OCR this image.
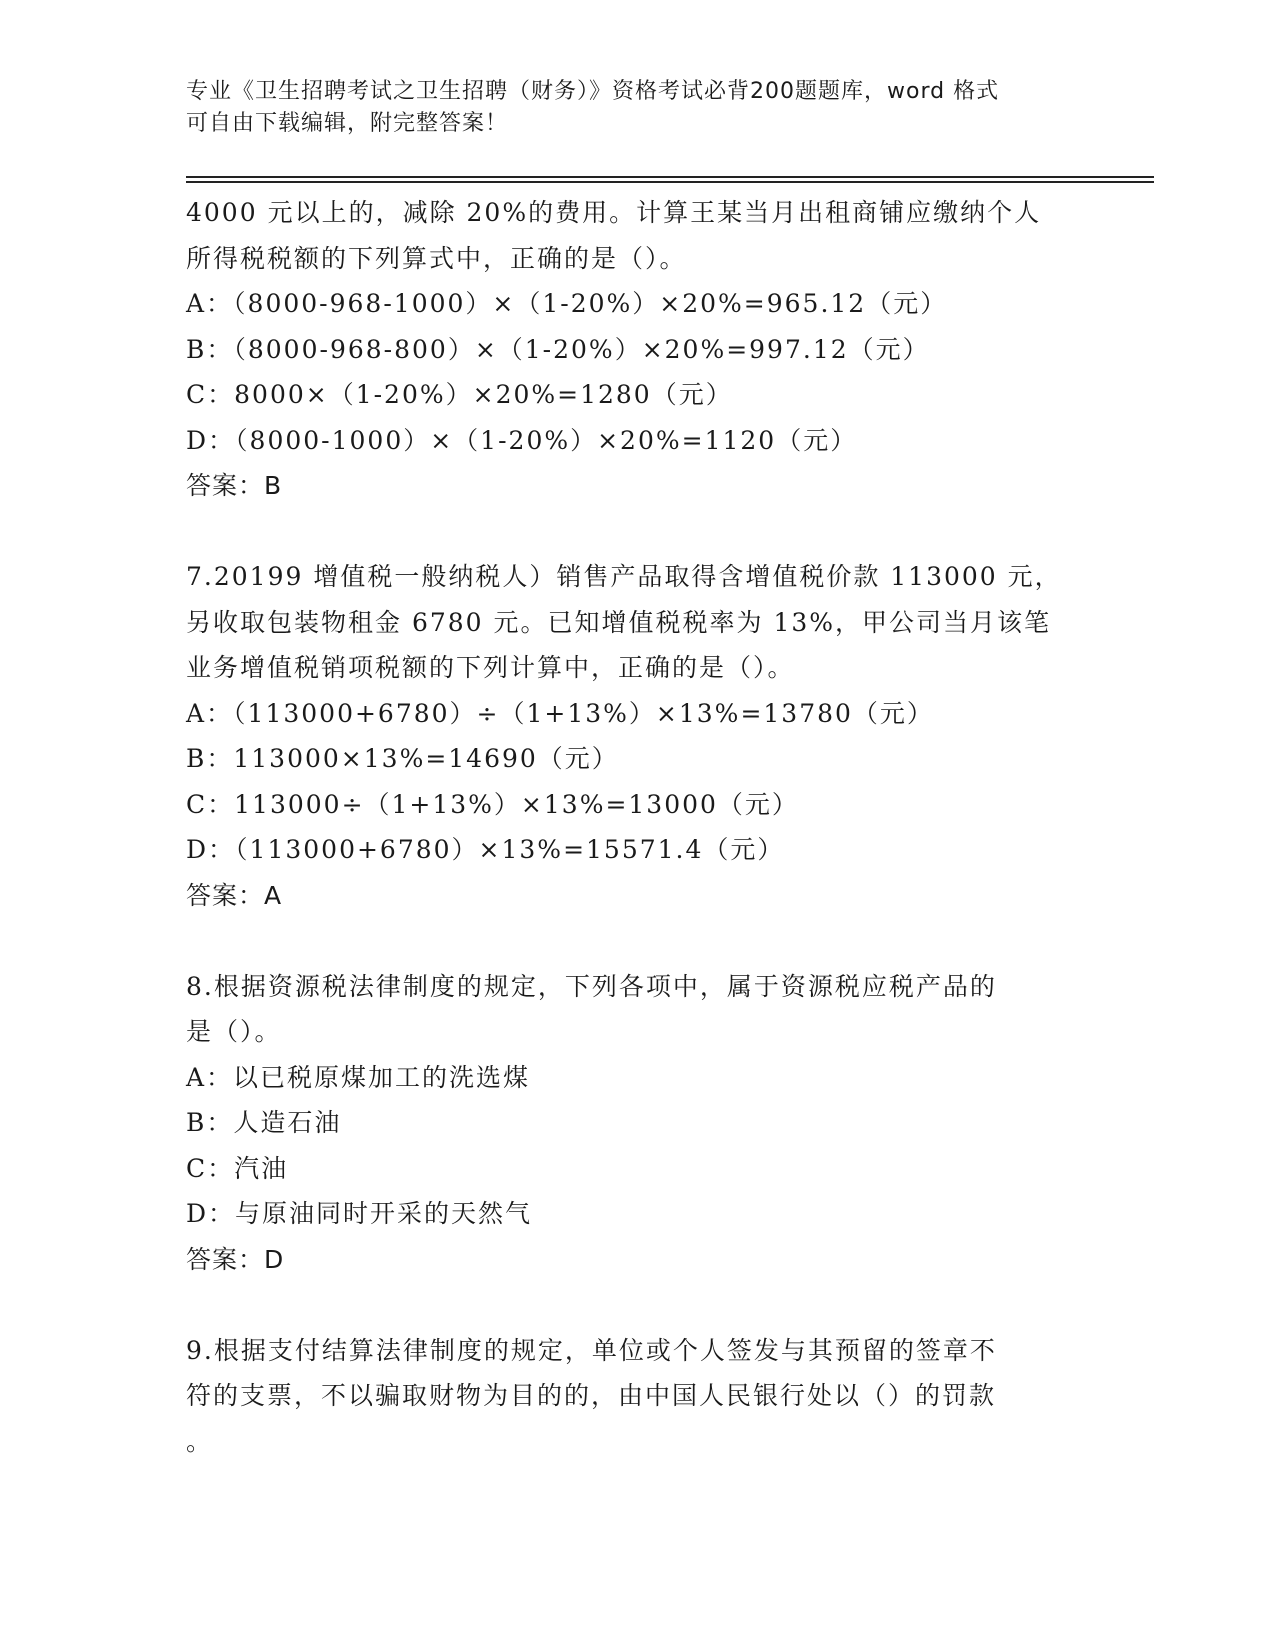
专业《卫生招聘考试之卫生招聘（财务）》资格考试必背200题题库，word 格式
可自由下载编辑，附完整答案！
4000 元以上的，减除 20%的费用。计算王某当月出租商铺应缴纳个人
所得税税额的下列算式中，正确的是（）。
A：（8000-968-1000）×（1-20%）×20%=965.12（元）
B：（8000-968-800）×（1-20%）×20%=997.12（元）
C：8000×（1-20%）×20%=1280（元）
D：（8000-1000）×（1-20%）×20%=1120（元）
答案：B
7.20199 增值税一般纳税人）销售产品取得含增值税价款 113000 元，
另收取包装物租金 6780 元。已知增值税税率为 13%，甲公司当月该笔
业务增值税销项税额的下列计算中，正确的是（）。
A：（113000+6780）÷（1+13%）×13%=13780（元）
B：113000×13%=14690（元）
C：113000÷（1+13%）×13%=13000（元）
D：（113000+6780）×13%=15571.4（元）
答案：A
8.根据资源税法律制度的规定，下列各项中，属于资源税应税产品的
是（）。
A：以已税原煤加工的洗选煤
B：人造石油
C：汽油
D：与原油同时开采的天然气
答案：D
9.根据支付结算法律制度的规定，单位或个人签发与其预留的签章不
符的支票，不以骗取财物为目的的，由中国人民银行处以（）的罚款
。
